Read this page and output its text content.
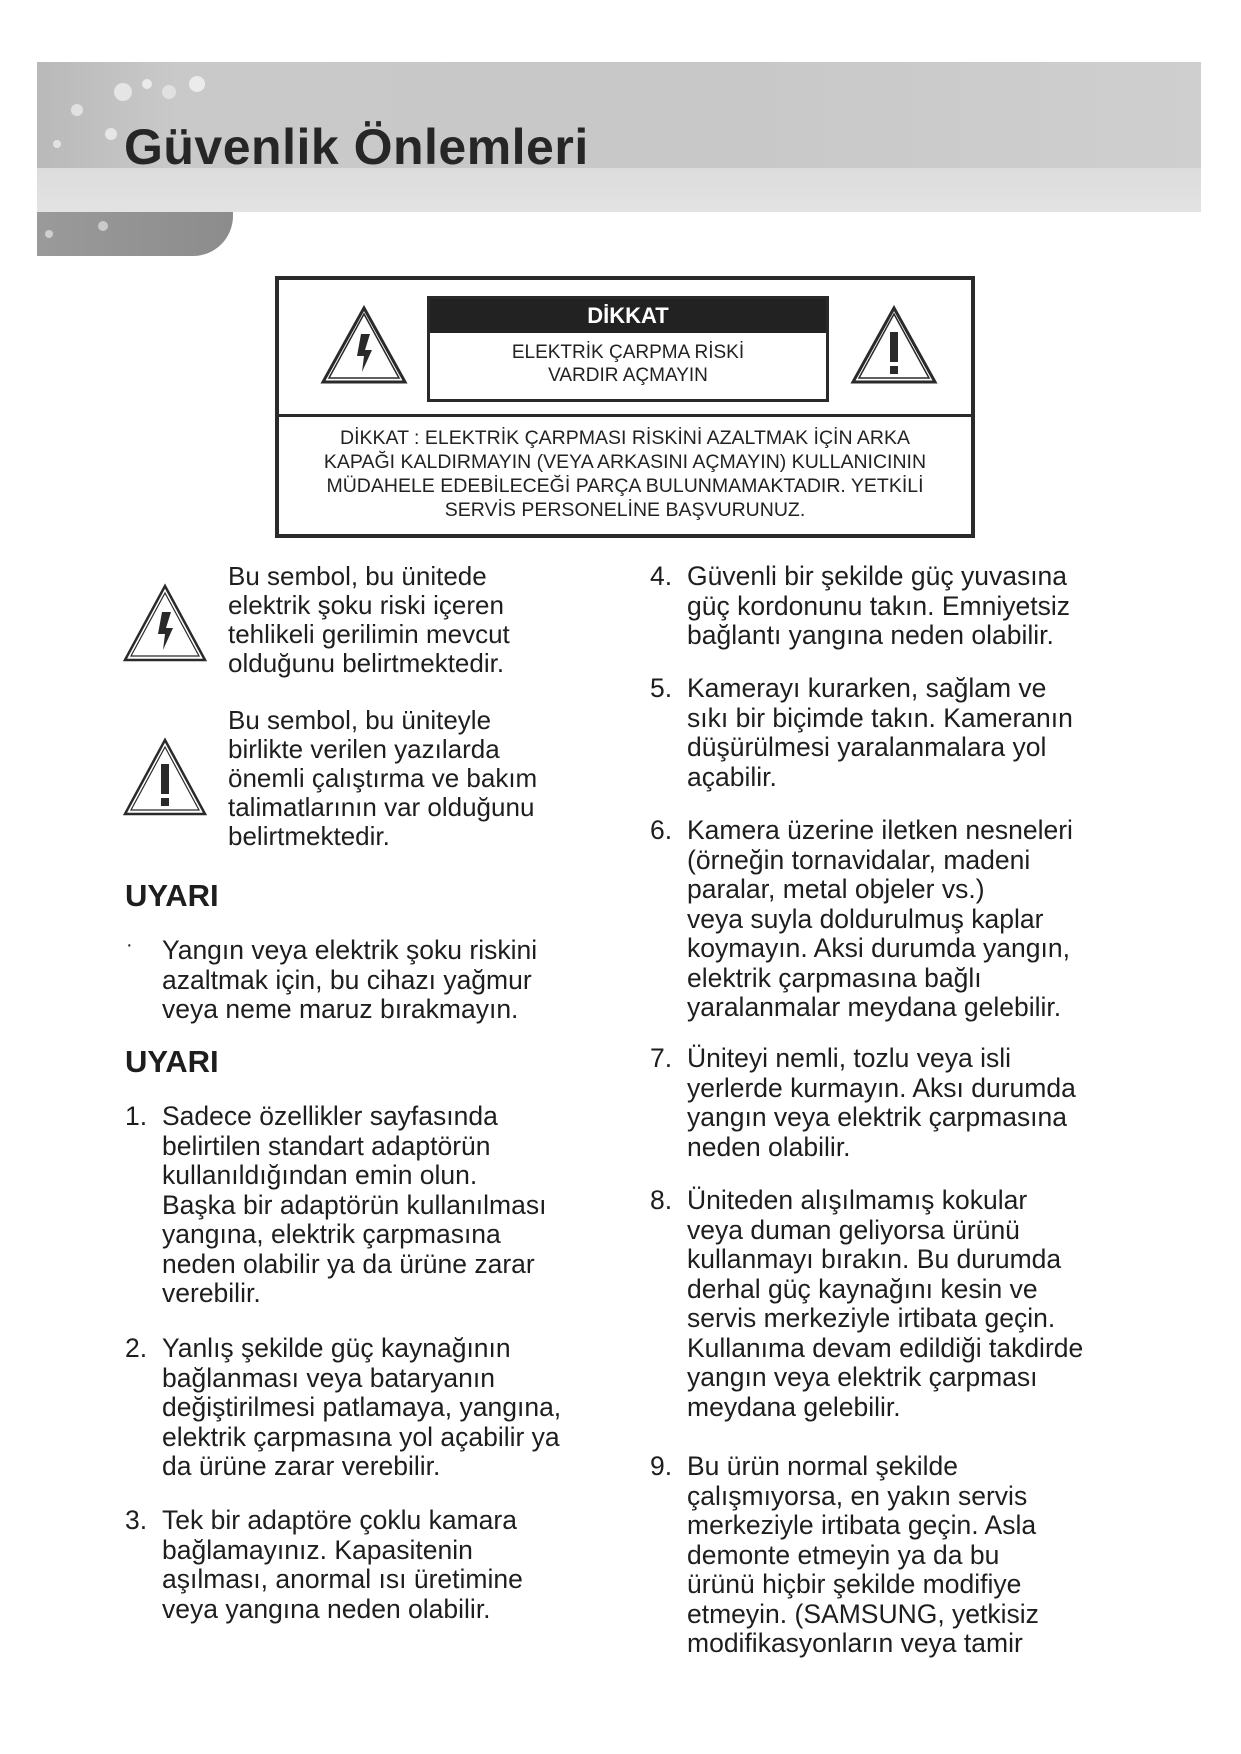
Güvenlik Önlemleri
DİKKAT
ELEKTRİK ÇARPMA RİSKİ
VARDIR AÇMAYIN
DİKKAT : ELEKTRİK ÇARPMASI RİSKİNİ AZALTMAK İÇİN ARKA
KAPAĞI KALDIRMAYIN (VEYA ARKASINI AÇMAYIN) KULLANICININ
MÜDAHELE EDEBİLECEĞİ PARÇA BULUNMAMAKTADIR. YETKİLİ
SERVİS PERSONELİNE BAŞVURUNUZ.
Bu sembol, bu ünitede
elektrik şoku riski içeren
tehlikeli gerilimin mevcut
olduğunu belirtmektedir.
Bu sembol, bu üniteyle
birlikte verilen yazılarda
önemli çalıştırma ve bakım
talimatlarının var olduğunu
belirtmektedir.
UYARI
· Yangın veya elektrik şoku riskini
azaltmak için, bu cihazı yağmur
veya neme maruz bırakmayın.
UYARI
1. Sadece özellikler sayfasında
belirtilen standart adaptörün
kullanıldığından emin olun.
Başka bir adaptörün kullanılması
yangına, elektrik çarpmasına
neden olabilir ya da ürüne zarar
verebilir.
2. Yanlış şekilde güç kaynağının
bağlanması veya bataryanın
değiştirilmesi patlamaya, yangına,
elektrik çarpmasına yol açabilir ya
da ürüne zarar verebilir.
3. Tek bir adaptöre çoklu kamara
bağlamayınız. Kapasitenin
aşılması, anormal ısı üretimine
veya yangına neden olabilir.
4. Güvenli bir şekilde güç yuvasına
güç kordonunu takın. Emniyetsiz
bağlantı yangına neden olabilir.
5. Kamerayı kurarken, sağlam ve
sıkı bir biçimde takın. Kameranın
düşürülmesi yaralanmalara yol
açabilir.
6. Kamera üzerine iletken nesneleri
(örneğin tornavidalar, madeni
paralar, metal objeler vs.)
veya suyla doldurulmuş kaplar
koymayın. Aksi durumda yangın,
elektrik çarpmasına bağlı
yaralanmalar meydana gelebilir.
7. Üniteyi nemli, tozlu veya isli
yerlerde kurmayın. Aksı durumda
yangın veya elektrik çarpmasına
neden olabilir.
8. Üniteden alışılmamış kokular
veya duman geliyorsa ürünü
kullanmayı bırakın. Bu durumda
derhal güç kaynağını kesin ve
servis merkeziyle irtibata geçin.
Kullanıma devam edildiği takdirde
yangın veya elektrik çarpması
meydana gelebilir.
9. Bu ürün normal şekilde
çalışmıyorsa, en yakın servis
merkeziyle irtibata geçin. Asla
demonte etmeyin ya da bu
ürünü hiçbir şekilde modifiye
etmeyin. (SAMSUNG, yetkisiz
modifikasyonların veya tamir
